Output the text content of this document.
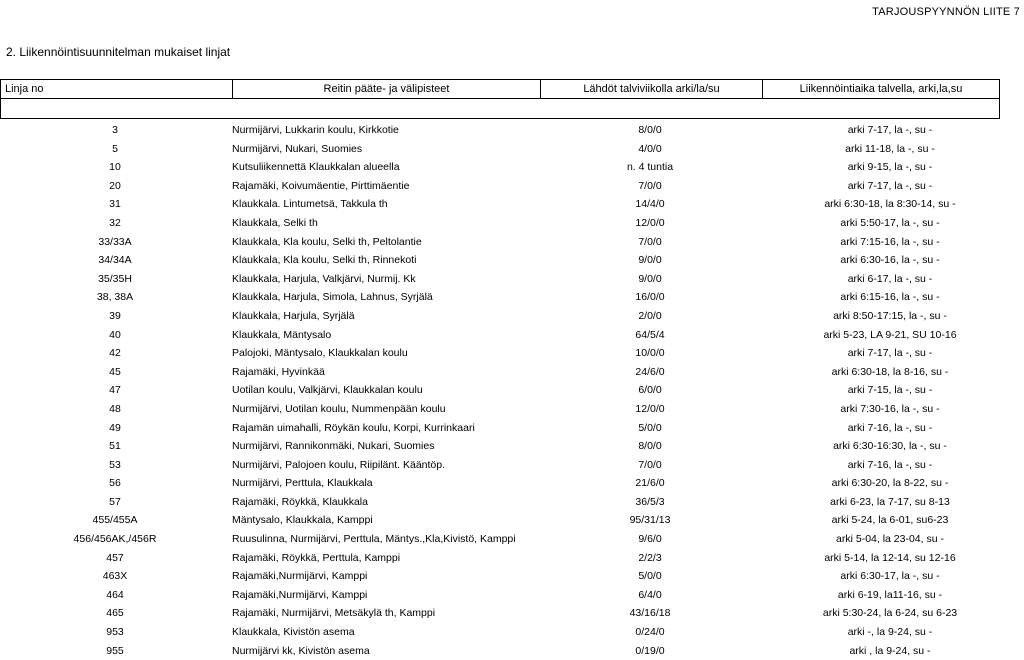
TARJOUSPYYNNÖN LIITE 7
2. Liikennöintisuunnitelman mukaiset linjat
Linja no	Reitin pääte- ja välipisteet	Lähdöt talviviikolla arki/la/su	Liikennöintiaika talvella, arki,la,su
3	Nurmijärvi, Lukkarin koulu, Kirkkotie	8/0/0	arki 7-17, la -, su -
5	Nurmijärvi, Nukari, Suomies	4/0/0	arki 11-18, la -, su -
10	Kutsuliikennettä Klaukkalan alueella	n. 4 tuntia	arki 9-15, la -, su -
20	Rajamäki, Koivumäentie, Pirttimäentie	7/0/0	arki 7-17, la -, su -
31	Klaukkala. Lintumetsä, Takkula th	14/4/0	arki 6:30-18, la 8:30-14, su -
32	Klaukkala, Selki th	12/0/0	arki 5:50-17, la -, su -
33/33A	Klaukkala, Kla koulu, Selki th, Peltolantie	7/0/0	arki 7:15-16, la -, su -
34/34A	Klaukkala, Kla koulu, Selki th, Rinnekoti	9/0/0	arki 6:30-16, la -, su -
35/35H	Klaukkala, Harjula, Valkjärvi, Nurmij. Kk	9/0/0	arki 6-17, la -, su -
38, 38A	Klaukkala, Harjula, Simola, Lahnus, Syrjälä	16/0/0	arki 6:15-16, la -, su -
39	Klaukkala, Harjula, Syrjälä	2/0/0	arki 8:50-17:15, la -, su -
40	Klaukkala, Mäntysalo	64/5/4	arki 5-23, LA 9-21, SU 10-16
42	Palojoki, Mäntysalo, Klaukkalan koulu	10/0/0	arki 7-17, la -, su -
45	Rajamäki, Hyvinkää	24/6/0	arki 6:30-18, la 8-16, su -
47	Uotilan koulu, Valkjärvi, Klaukkalan koulu	6/0/0	arki 7-15, la -, su -
48	Nurmijärvi, Uotilan koulu, Nummenpään koulu	12/0/0	arki 7:30-16, la -, su -
49	Rajamän uimahalli, Röykän koulu, Korpi, Kurrinkaari	5/0/0	arki 7-16, la -, su -
51	Nurmijärvi, Rannikonmäki, Nukari, Suomies	8/0/0	arki 6:30-16:30, la -, su -
53	Nurmijärvi, Palojoen koulu, Riipilänt. Kääntöp.	7/0/0	arki 7-16, la -, su -
56	Nurmijärvi, Perttula, Klaukkala	21/6/0	arki 6:30-20, la 8-22, su -
57	Rajamäki, Röykkä, Klaukkala	36/5/3	arki 6-23, la 7-17, su 8-13
455/455A	Mäntysalo, Klaukkala, Kamppi	95/31/13	arki 5-24, la 6-01, su6-23
456/456AK,/456R	Ruusulinna, Nurmijärvi, Perttula, Mäntys.,Kla,Kivistö, Kamppi	9/6/0	arki 5-04, la 23-04, su -
457	Rajamäki, Röykkä, Perttula, Kamppi	2/2/3	arki 5-14, la 12-14, su 12-16
463X	Rajamäki,Nurmijärvi, Kamppi	5/0/0	arki 6:30-17, la -, su -
464	Rajamäki,Nurmijärvi, Kamppi	6/4/0	arki 6-19, la11-16, su -
465	Rajamäki, Nurmijärvi, Metsäkylä th, Kamppi	43/16/18	arki 5:30-24, la 6-24, su 6-23
953	Klaukkala, Kivistön asema	0/24/0	arki -, la 9-24, su -
955	Nurmijärvi kk, Kivistön asema	0/19/0	arki , la 9-24, su -
